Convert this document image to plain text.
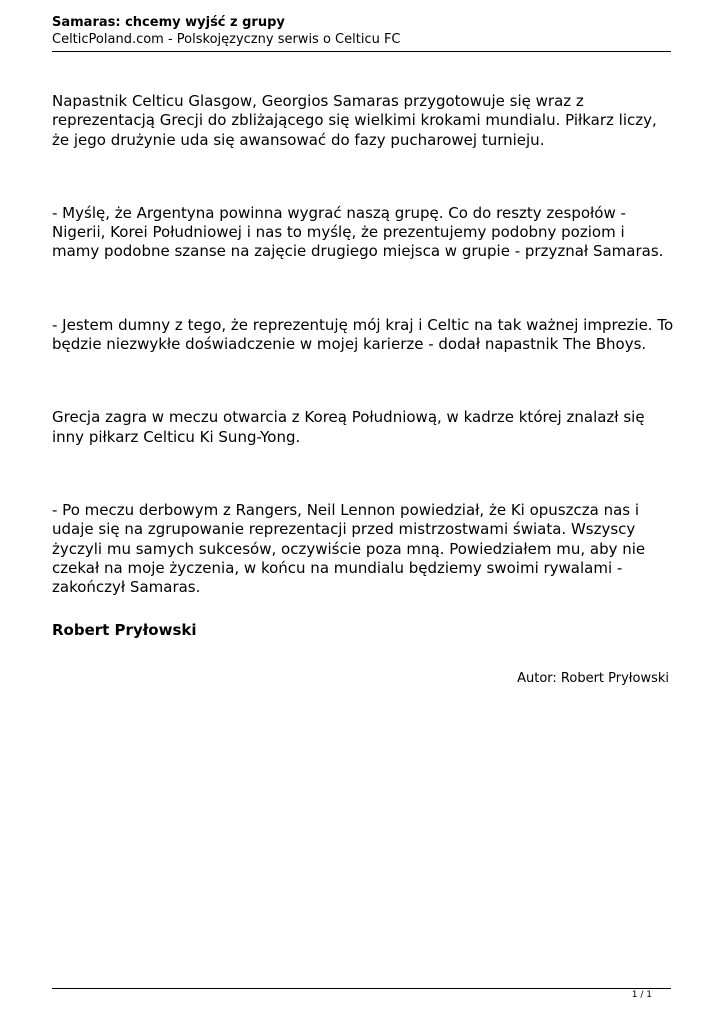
Samaras: chcemy wyjść z grupy

CelticPoland.com - Polskojęzyczny serwis o Celticu FC

Napastnik Celticu Glasgow, Georgios Samaras przygotowuje się wraz z reprezentacją Grecji do zbliżającego się wielkimi krokami mundialu. Piłkarz liczy, że jego drużynie uda się awansować do fazy pucharowej turnieju.

- Myślę, że Argentyna powinna wygrać naszą grupę. Co do reszty zespołów - Nigerii, Korei Południowej i nas to myślę, że prezentujemy podobny poziom i mamy podobne szanse na zajęcie drugiego miejsca w grupie - przyznał Samaras.

- Jestem dumny z tego, że reprezentuję mój kraj i Celtic na tak ważnej imprezie. To będzie niezwykłe doświadczenie w mojej karierze - dodał napastnik The Bhoys.

Grecja zagra w meczu otwarcia z Koreą Południową, w kadrze której znalazł się inny piłkarz Celticu Ki Sung-Yong.

- Po meczu derbowym z Rangers, Neil Lennon powiedział, że Ki opuszcza nas i udaje się na zgrupowanie reprezentacji przed mistrzostwami świata. Wszyscy życzyli mu samych sukcesów, oczywiście poza mną. Powiedziałem mu, aby nie czekał na moje życzenia, w końcu na mundialu będziemy swoimi rywalami - zakończył Samaras.

Robert Pryłowski

Autor: Robert Pryłowski
1 / 1
